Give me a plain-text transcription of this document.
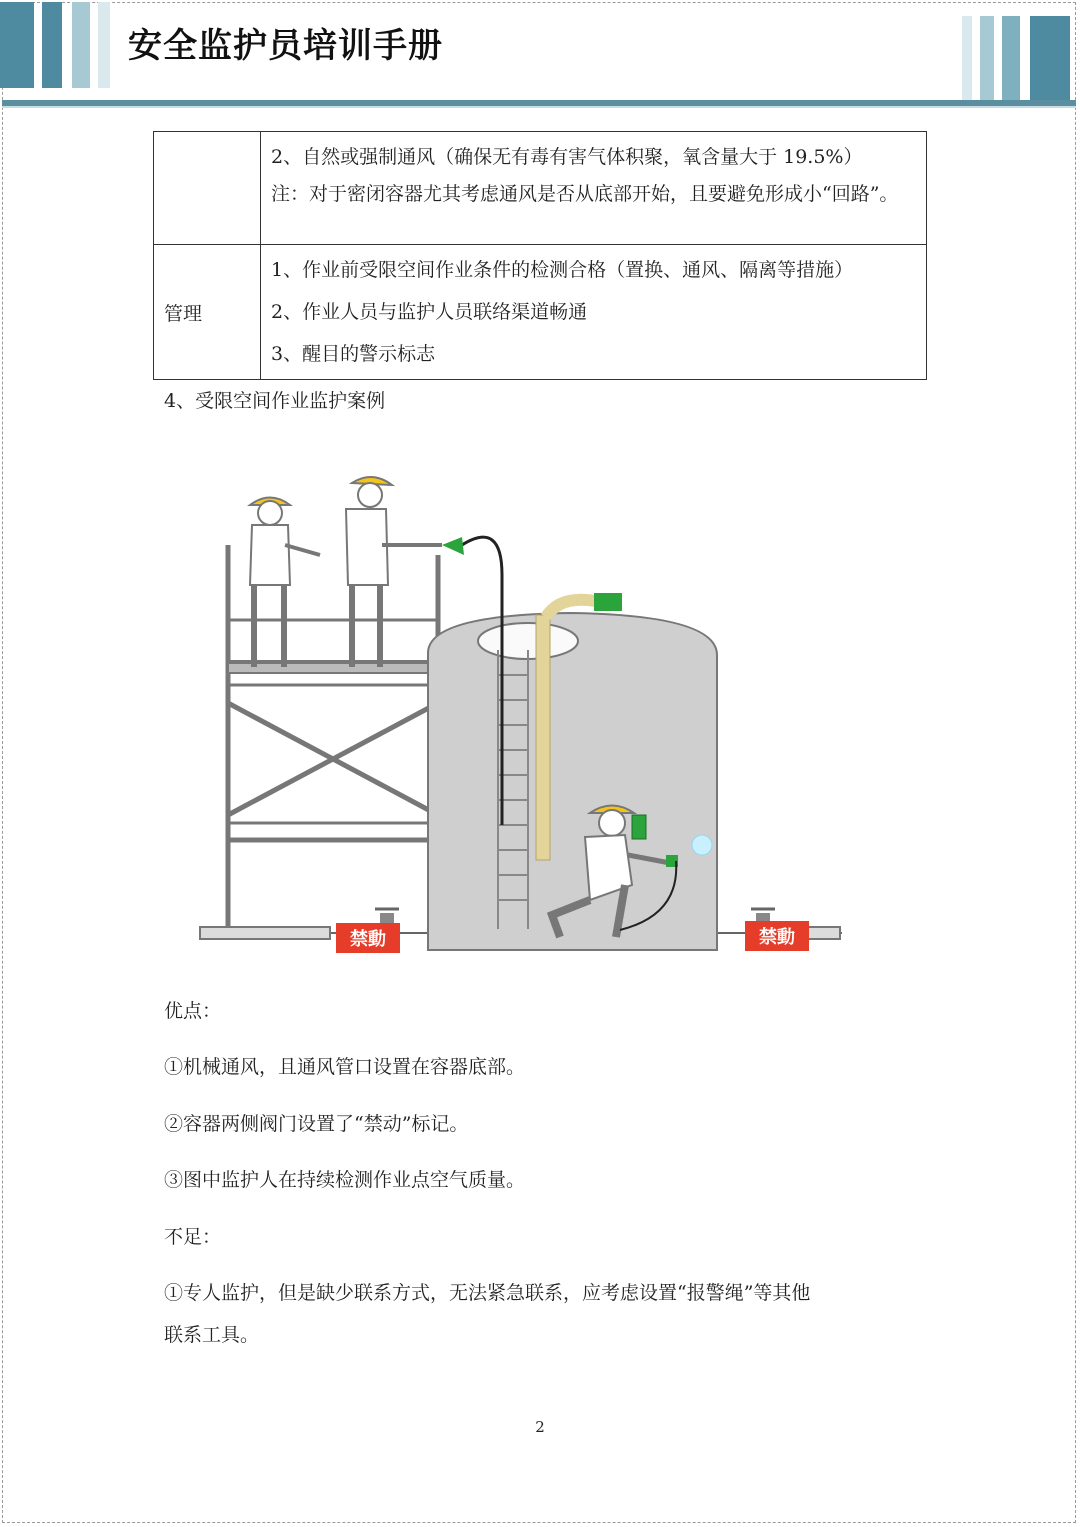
安全监护员培训手册

	2、自然或强制通风（确保无有毒有害气体积聚，氧含量大于 19.5%）
注：对于密闭容器尤其考虑通风是否从底部开始，且要避免形成小“回路”。

管理	1、作业前受限空间作业条件的检测合格（置换、通风、隔离等措施）
2、作业人员与监护人员联络渠道畅通
3、醒目的警示标志
4、受限空间作业监护案例
禁動	禁動
优点：
①机械通风，且通风管口设置在容器底部。
②容器两侧阀门设置了“禁动”标记。
③图中监护人在持续检测作业点空气质量。
不足：
①专人监护，但是缺少联系方式，无法紧急联系，应考虑设置“报警绳”等其他
联系工具。
2
